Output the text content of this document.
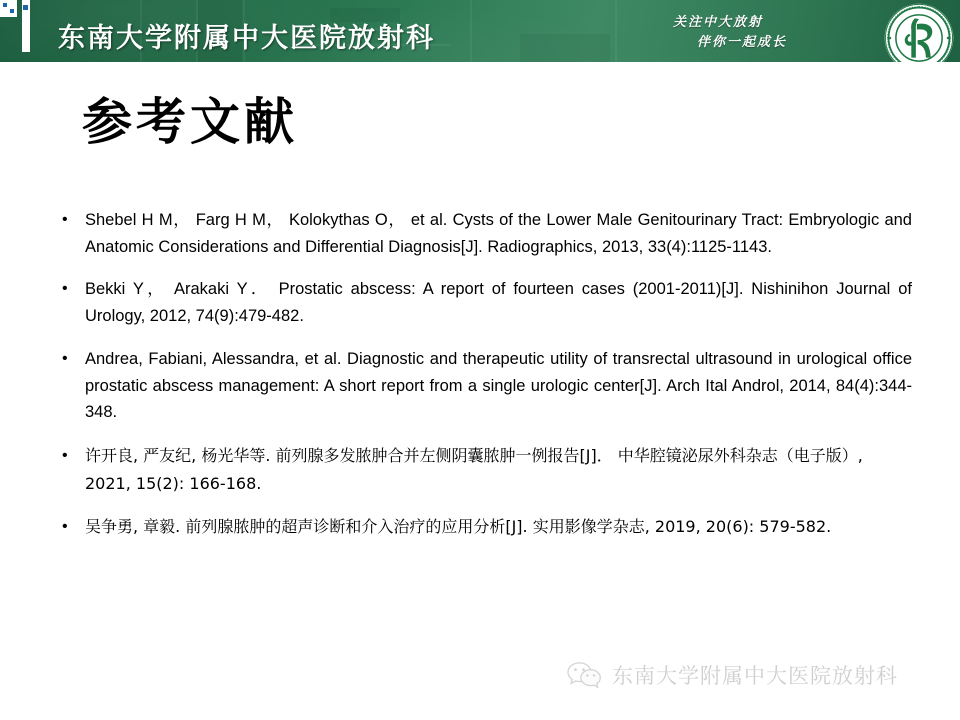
东南大学附属中大医院放射科
关注中大放射
伴你一起成长
参考文献
• Shebel H M， Farg H M， Kolokythas O， et al. Cysts of the Lower Male Genitourinary Tract: Embryologic and Anatomic Considerations and Differential Diagnosis[J]. Radiographics, 2013, 33(4):1125-1143.
• Bekki Y， Arakaki Y． Prostatic abscess: A report of fourteen cases (2001-2011)[J]. Nishinihon Journal of Urology, 2012, 74(9):479-482.
• Andrea, Fabiani, Alessandra, et al. Diagnostic and therapeutic utility of transrectal ultrasound in urological office prostatic abscess management: A short report from a single urologic center[J]. Arch Ital Androl, 2014, 84(4):344-348.
• 许开良, 严友纪, 杨光华等. 前列腺多发脓肿合并左侧阴囊脓肿一例报告[J]． 中华腔镜泌尿外科杂志（电子版）, 2021, 15(2): 166-168.
• 吴争勇, 章毅. 前列腺脓肿的超声诊断和介入治疗的应用分析[J]. 实用影像学杂志, 2019, 20(6): 579-582.
东南大学附属中大医院放射科
